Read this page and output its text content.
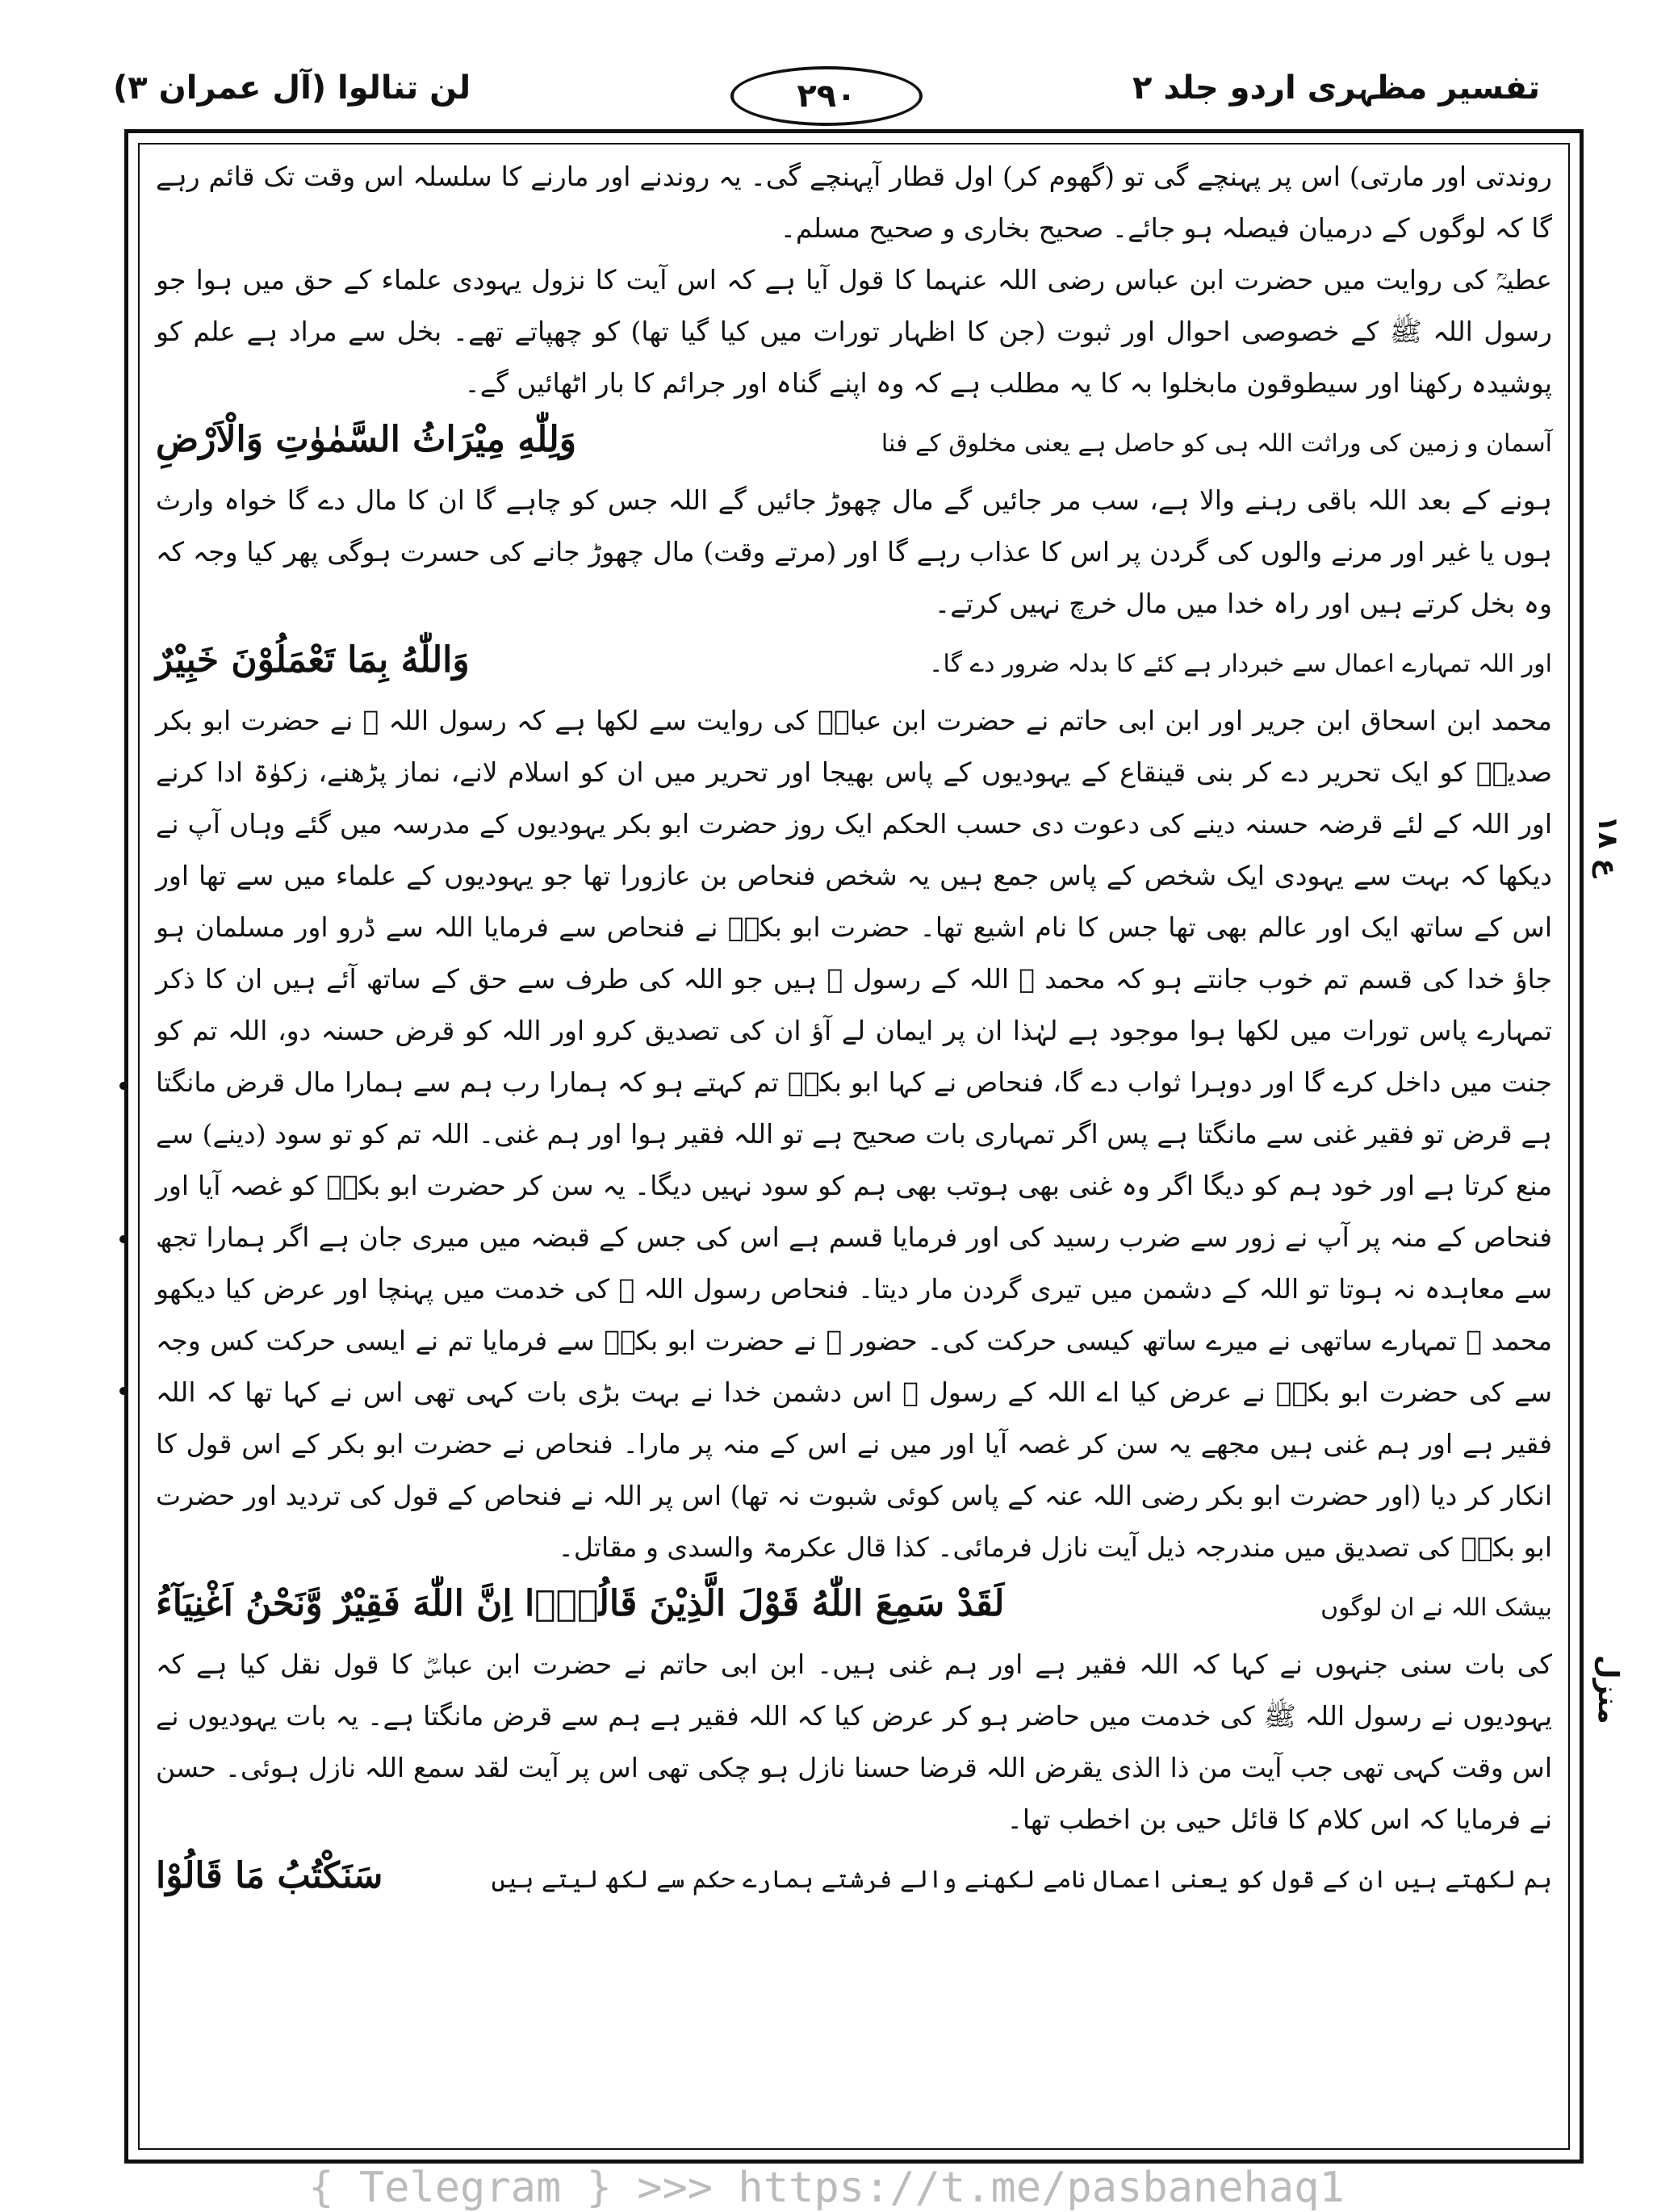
لن تنالوا (آل عمران ۳)	۲۹۰	تفسیر مظہری اردو جلد ۲

روندتی اور مارتی) اس پر پہنچے گی تو (گھوم کر) اول قطار آپہنچے گی۔ یہ روندنے اور مارنے کا سلسلہ اس وقت تک قائم رہے گا کہ لوگوں کے درمیان فیصلہ ہو جائے۔ صحیح بخاری و صحیح مسلم۔

عطیہؒ کی روایت میں حضرت ابن عباس رضی اللہ عنہما کا قول آیا ہے کہ اس آیت کا نزول یہودی علماء کے حق میں ہوا جو رسول اللہ ﷺ کے خصوصی احوال اور ثبوت (جن کا اظہار تورات میں کیا گیا تھا) کو چھپاتے تھے۔ بخل سے مراد ہے علم کو پوشیدہ رکھنا اور سیطوقون مابخلوا بہ کا یہ مطلب ہے کہ وہ اپنے گناہ اور جرائم کا بار اٹھائیں گے۔

وَلِلّٰهِ مِيْرَاثُ السَّمٰوٰتِ وَالْاَرْضِ	آسمان و زمین کی وراثت اللہ ہی کو حاصل ہے یعنی مخلوق کے فنا

ہونے کے بعد اللہ باقی رہنے والا ہے، سب مر جائیں گے مال چھوڑ جائیں گے اللہ جس کو چاہے گا ان کا مال دے گا خواہ وارث ہوں یا غیر اور مرنے والوں کی گردن پر اس کا عذاب رہے گا اور (مرتے وقت) مال چھوڑ جانے کی حسرت ہوگی پھر کیا وجہ کہ وہ بخل کرتے ہیں اور راہ خدا میں مال خرچ نہیں کرتے۔

وَاللّٰهُ بِمَا تَعْمَلُوْنَ خَبِيْرٌ	اور اللہ تمہارے اعمال سے خبردار ہے کئے کا بدلہ ضرور دے گا۔

محمد ابن اسحاق ابن جریر اور ابن ابی حاتم نے حضرت ابن عباسؓ کی روایت سے لکھا ہے کہ رسول اللہ ﷺ نے حضرت ابو بکر صدیقؓ کو ایک تحریر دے کر بنی قینقاع کے یہودیوں کے پاس بھیجا اور تحریر میں ان کو اسلام لانے، نماز پڑھنے، زکوٰۃ ادا کرنے اور اللہ کے لئے قرضہ حسنہ دینے کی دعوت دی حسب الحکم ایک روز حضرت ابو بکر یہودیوں کے مدرسہ میں گئے وہاں آپ نے دیکھا کہ بہت سے یہودی ایک شخص کے پاس جمع ہیں یہ شخص فنحاص بن عازورا تھا جو یہودیوں کے علماء میں سے تھا اور اس کے ساتھ ایک اور عالم بھی تھا جس کا نام اشیع تھا۔ حضرت ابو بکرؓ نے فنحاص سے فرمایا اللہ سے ڈرو اور مسلمان ہو جاؤ خدا کی قسم تم خوب جانتے ہو کہ محمد ﷺ اللہ کے رسول ﷺ ہیں جو اللہ کی طرف سے حق کے ساتھ آئے ہیں ان کا ذکر تمہارے پاس تورات میں لکھا ہوا موجود ہے لہٰذا ان پر ایمان لے آؤ ان کی تصدیق کرو اور اللہ کو قرض حسنہ دو، اللہ تم کو جنت میں داخل کرے گا اور دوہرا ثواب دے گا، فنحاص نے کہا ابو بکرؓ تم کہتے ہو کہ ہمارا رب ہم سے ہمارا مال قرض مانگتا ہے قرض تو فقیر غنی سے مانگتا ہے پس اگر تمہاری بات صحیح ہے تو اللہ فقیر ہوا اور ہم غنی۔ اللہ تم کو تو سود (دینے) سے منع کرتا ہے اور خود ہم کو دیگا اگر وہ غنی بھی ہوتب بھی ہم کو سود نہیں دیگا۔ یہ سن کر حضرت ابو بکرؓ کو غصہ آیا اور فنحاص کے منہ پر آپ نے زور سے ضرب رسید کی اور فرمایا قسم ہے اس کی جس کے قبضہ میں میری جان ہے اگر ہمارا تجھ سے معاہدہ نہ ہوتا تو اللہ کے دشمن میں تیری گردن مار دیتا۔ فنحاص رسول اللہ ﷺ کی خدمت میں پہنچا اور عرض کیا دیکھو محمد ﷺ تمہارے ساتھی نے میرے ساتھ کیسی حرکت کی۔ حضور ﷺ نے حضرت ابو بکرؓ سے فرمایا تم نے ایسی حرکت کس وجہ سے کی حضرت ابو بکرؓ نے عرض کیا اے اللہ کے رسول ﷺ اس دشمن خدا نے بہت بڑی بات کہی تھی اس نے کہا تھا کہ اللہ فقیر ہے اور ہم غنی ہیں مجھے یہ سن کر غصہ آیا اور میں نے اس کے منہ پر مارا۔ فنحاص نے حضرت ابو بکر کے اس قول کا انکار کر دیا (اور حضرت ابو بکر رضی اللہ عنہ کے پاس کوئی شبوت نہ تھا) اس پر اللہ نے فنحاص کے قول کی تردید اور حضرت ابو بکرؓ کی تصدیق میں مندرجہ ذیل آیت نازل فرمائی۔ کذا قال عکرمۃ والسدی و مقاتل۔

لَقَدْ سَمِعَ اللّٰهُ قَوْلَ الَّذِيْنَ قَالُوْۤا اِنَّ اللّٰهَ فَقِيْرٌ وَّنَحْنُ اَغْنِيَآءُ	بیشک اللہ نے ان لوگوں

کی بات سنی جنہوں نے کہا کہ اللہ فقیر ہے اور ہم غنی ہیں۔ ابن ابی حاتم نے حضرت ابن عباسؓ کا قول نقل کیا ہے کہ یہودیوں نے رسول اللہ ﷺ کی خدمت میں حاضر ہو کر عرض کیا کہ اللہ فقیر ہے ہم سے قرض مانگتا ہے۔ یہ بات یہودیوں نے اس وقت کہی تھی جب آیت من ذا الذی یقرض اللہ قرضا حسنا نازل ہو چکی تھی اس پر آیت لقد سمع اللہ نازل ہوئی۔ حسن نے فرمایا کہ اس کلام کا قائل حیی بن اخطب تھا۔

سَنَكْتُبُ مَا قَالُوْا	ہم لکھتے ہیں ان کے قول کو یعنی اعمال نامے لکھنے والے فرشتے ہمارے حکم سے لکھ لیتے ہیں
ع ۱۸
منزل
{ Telegram } >>> https://t.me/pasbanehaq1
